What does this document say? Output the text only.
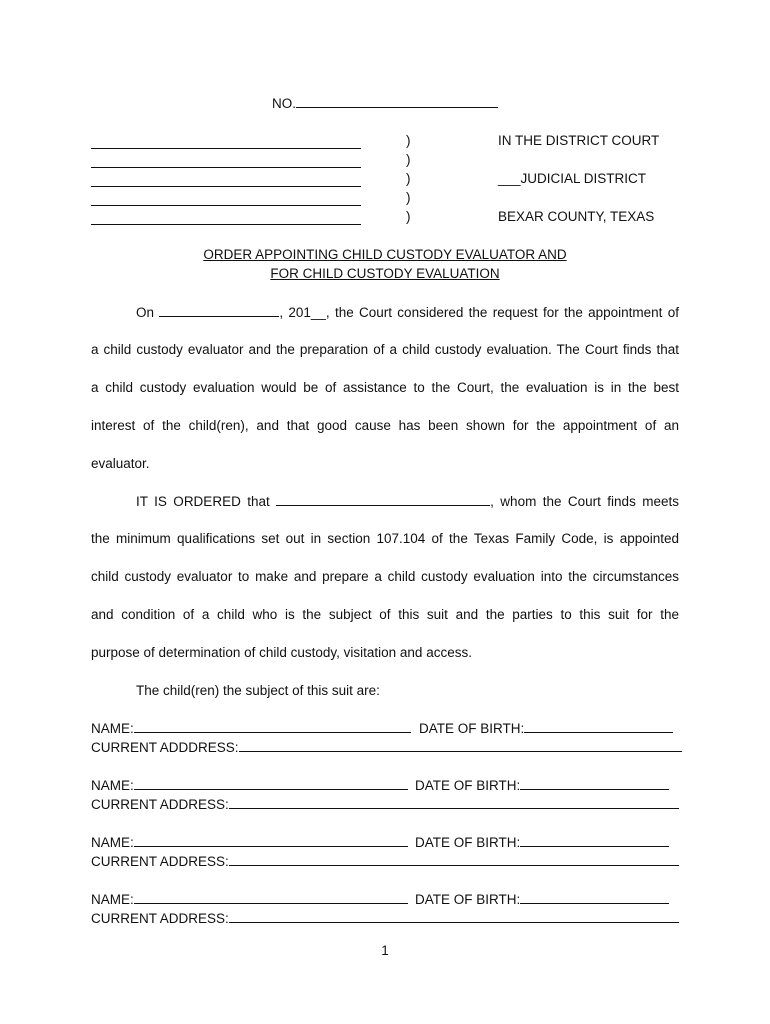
NO.
)
)
)
)
)
IN THE DISTRICT COURT
___JUDICIAL DISTRICT
BEXAR COUNTY, TEXAS
ORDER APPOINTING CHILD CUSTODY EVALUATOR AND
FOR CHILD CUSTODY EVALUATION

On	, 201__, the Court considered the request for the appointment of

a child custody evaluator and the preparation of a child custody evaluation. The Court finds that

a child custody evaluation would be of assistance to the Court, the evaluation is in the best

interest of the child(ren), and that good cause has been shown for the appointment of an

evaluator.

IT IS ORDERED that	, whom the Court finds meets

the minimum qualifications set out in section 107.104 of the Texas Family Code, is appointed

child custody evaluator to make and prepare a child custody evaluation into the circumstances

and condition of a child who is the subject of this suit and the parties to this suit for the

purpose of determination of child custody, visitation and access.

The child(ren) the subject of this suit are:
NAME:	DATE OF BIRTH:
CURRENT ADDDRESS:
NAME:	DATE OF BIRTH:
CURRENT ADDRESS:
NAME:	DATE OF BIRTH:
CURRENT ADDRESS:
NAME:	DATE OF BIRTH:
CURRENT ADDRESS:
1
